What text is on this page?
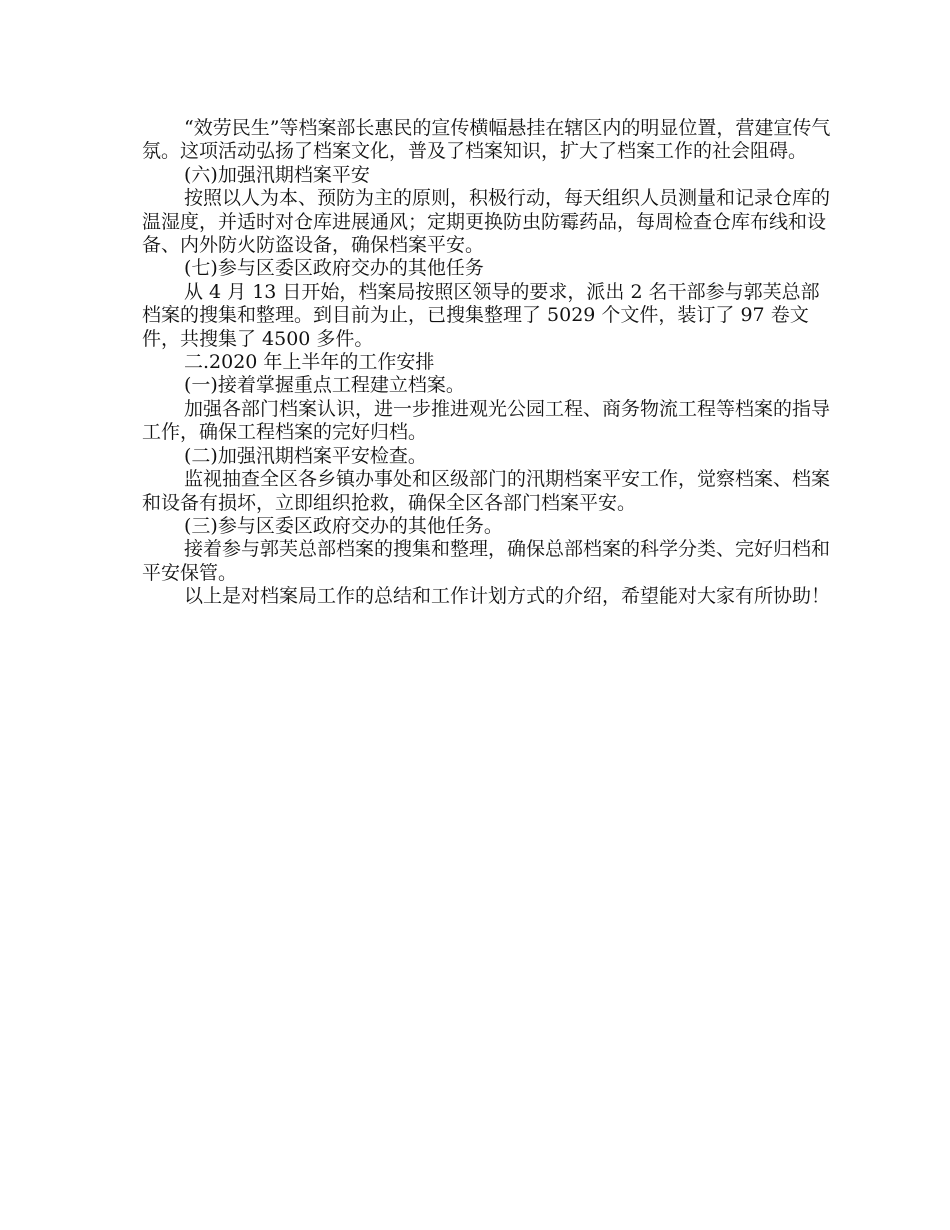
“效劳民生”等档案部长惠民的宣传横幅悬挂在辖区内的明显位置，营建宣传气氛。这项活动弘扬了档案文化，普及了档案知识，扩大了档案工作的社会阻碍。

(六)加强汛期档案平安

按照以人为本、预防为主的原则，积极行动，每天组织人员测量和记录仓库的温湿度，并适时对仓库进展通风；定期更换防虫防霉药品，每周检查仓库布线和设备、内外防火防盗设备，确保档案平安。

(七)参与区委区政府交办的其他任务

从 4 月 13 日开始，档案局按照区领导的要求，派出 2 名干部参与郭芙总部档案的搜集和整理。到目前为止，已搜集整理了 5029 个文件，装订了 97 卷文件，共搜集了 4500 多件。

二.2020 年上半年的工作安排

(一)接着掌握重点工程建立档案。

加强各部门档案认识，进一步推进观光公园工程、商务物流工程等档案的指导工作，确保工程档案的完好归档。

(二)加强汛期档案平安检查。

监视抽查全区各乡镇办事处和区级部门的汛期档案平安工作，觉察档案、档案和设备有损坏，立即组织抢救，确保全区各部门档案平安。

(三)参与区委区政府交办的其他任务。

接着参与郭芙总部档案的搜集和整理，确保总部档案的科学分类、完好归档和平安保管。

以上是对档案局工作的总结和工作计划方式的介绍，希望能对大家有所协助！
